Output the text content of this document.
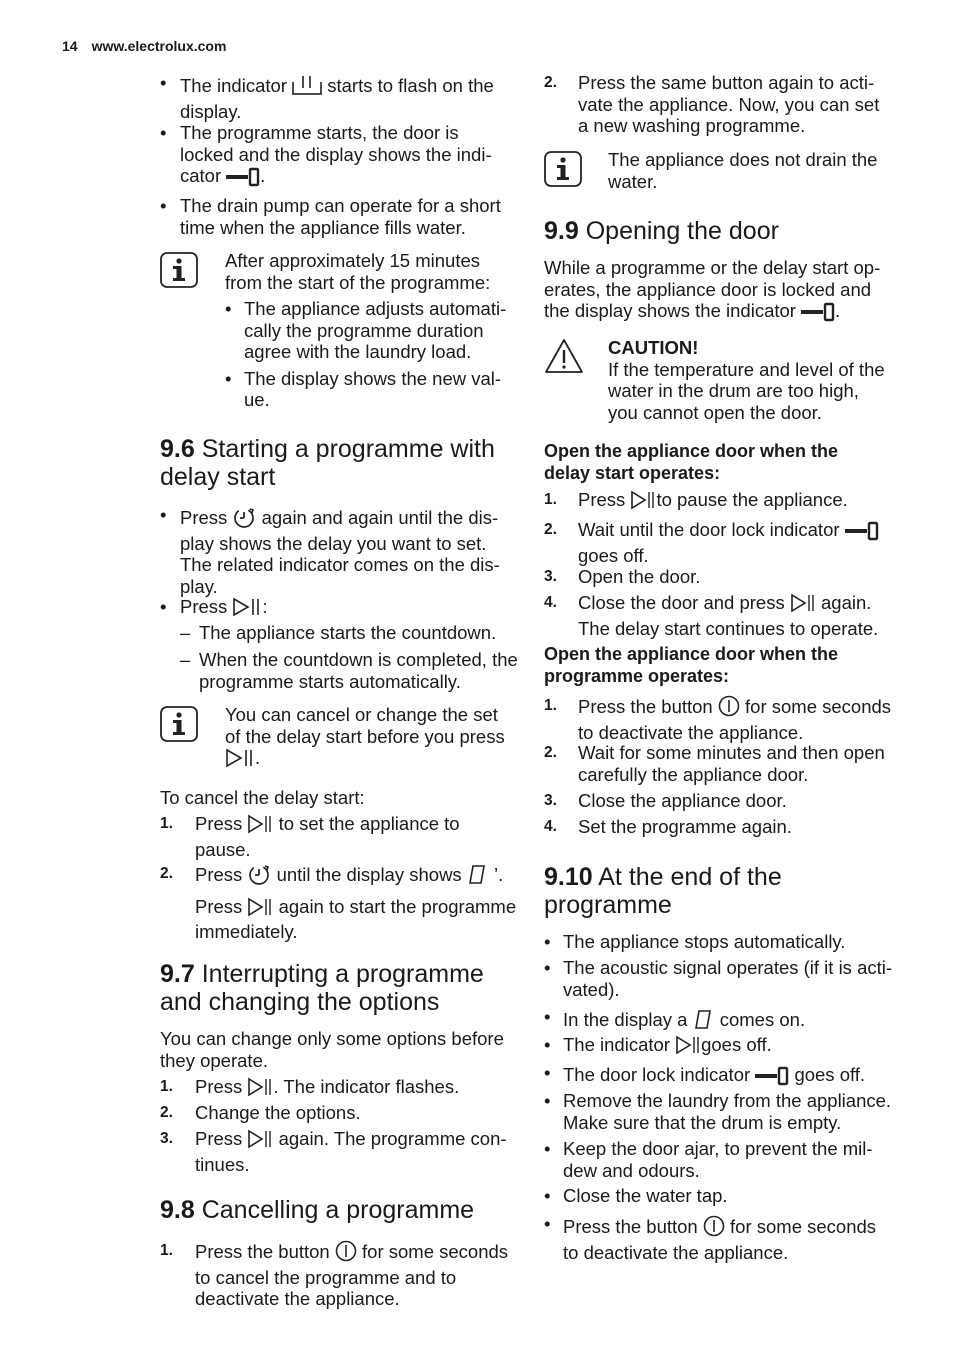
14 www.electrolux.com
• The indicator starts to flash on the display.
• The programme starts, the door is locked and the display shows the indicator .
• The drain pump can operate for a short time when the appliance fills water.
After approximately 15 minutes from the start of the programme:
• The appliance adjusts automatically the programme duration agree with the laundry load.
• The display shows the new value.
9.6 Starting a programme with delay start
• Press again and again until the display shows the delay you want to set. The related indicator comes on the display.
• Press :
– The appliance starts the countdown.
– When the countdown is completed, the programme starts automatically.
You can cancel or change the set of the delay start before you press .
To cancel the delay start:
1. Press to set the appliance to pause.
2. Press until the display shows ’.
Press again to start the programme immediately.
9.7 Interrupting a programme and changing the options
You can change only some options before they operate.
1. Press . The indicator flashes.
2. Change the options.
3. Press again. The programme continues.
9.8 Cancelling a programme
1. Press the button for some seconds to cancel the programme and to deactivate the appliance.
2. Press the same button again to activate the appliance. Now, you can set a new washing programme.
The appliance does not drain the water.
9.9 Opening the door
While a programme or the delay start operates, the appliance door is locked and the display shows the indicator .
CAUTION!
If the temperature and level of the water in the drum are too high, you cannot open the door.
Open the appliance door when the delay start operates:
1. Press to pause the appliance.
2. Wait until the door lock indicator  goes off.
3. Open the door.
4. Close the door and press again. The delay start continues to operate.
Open the appliance door when the programme operates:
1. Press the button for some seconds to deactivate the appliance.
2. Wait for some minutes and then open carefully the appliance door.
3. Close the appliance door.
4. Set the programme again.
9.10 At the end of the programme
• The appliance stops automatically.
• The acoustic signal operates (if it is activated).
• In the display a comes on.
• The indicator goes off.
• The door lock indicator goes off.
• Remove the laundry from the appliance. Make sure that the drum is empty.
• Keep the door ajar, to prevent the mildew and odours.
• Close the water tap.
• Press the button for some seconds to deactivate the appliance.
